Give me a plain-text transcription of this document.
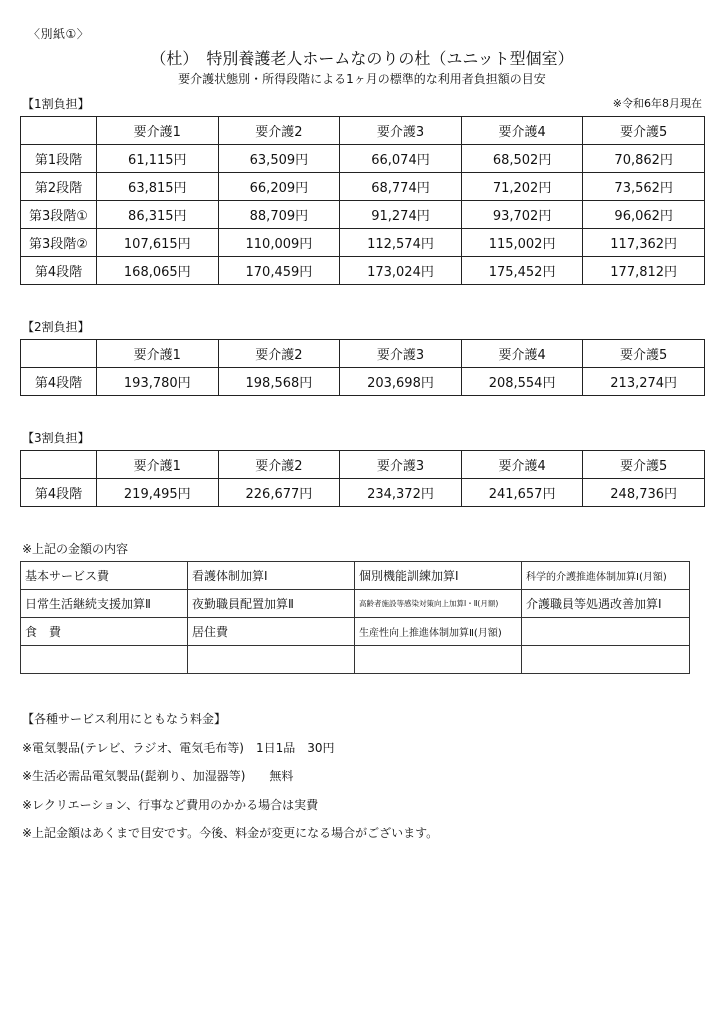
〈別紙①〉
（杜）　特別養護老人ホームなのりの杜（ユニット型個室）
要介護状態別・所得段階による1ヶ月の標準的な利用者負担額の目安
【1割負担】	※令和6年8月現在
	要介護1	要介護2	要介護3	要介護4	要介護5
第1段階	61,115円	63,509円	66,074円	68,502円	70,862円
第2段階	63,815円	66,209円	68,774円	71,202円	73,562円
第3段階①	86,315円	88,709円	91,274円	93,702円	96,062円
第3段階②	107,615円	110,009円	112,574円	115,002円	117,362円
第4段階	168,065円	170,459円	173,024円	175,452円	177,812円
【2割負担】
	要介護1	要介護2	要介護3	要介護4	要介護5
第4段階	193,780円	198,568円	203,698円	208,554円	213,274円
【3割負担】
	要介護1	要介護2	要介護3	要介護4	要介護5
第4段階	219,495円	226,677円	234,372円	241,657円	248,736円
※上記の金額の内容
基本サービス費	看護体制加算Ⅰ	個別機能訓練加算Ⅰ	科学的介護推進体制加算Ⅰ(月額)
日常生活継続支援加算Ⅱ	夜勤職員配置加算Ⅱ	高齢者施設等感染対策向上加算Ⅰ・Ⅱ(月額)	介護職員等処遇改善加算Ⅰ
食　費	居住費	生産性向上推進体制加算Ⅱ(月額)	

【各種サービス利用にともなう料金】
※電気製品(テレビ、ラジオ、電気毛布等)　1日1品　30円
※生活必需品電気製品(髭剃り、加湿器等)　　無料
※レクリエーション、行事など費用のかかる場合は実費
※上記金額はあくまで目安です。今後、料金が変更になる場合がございます。
